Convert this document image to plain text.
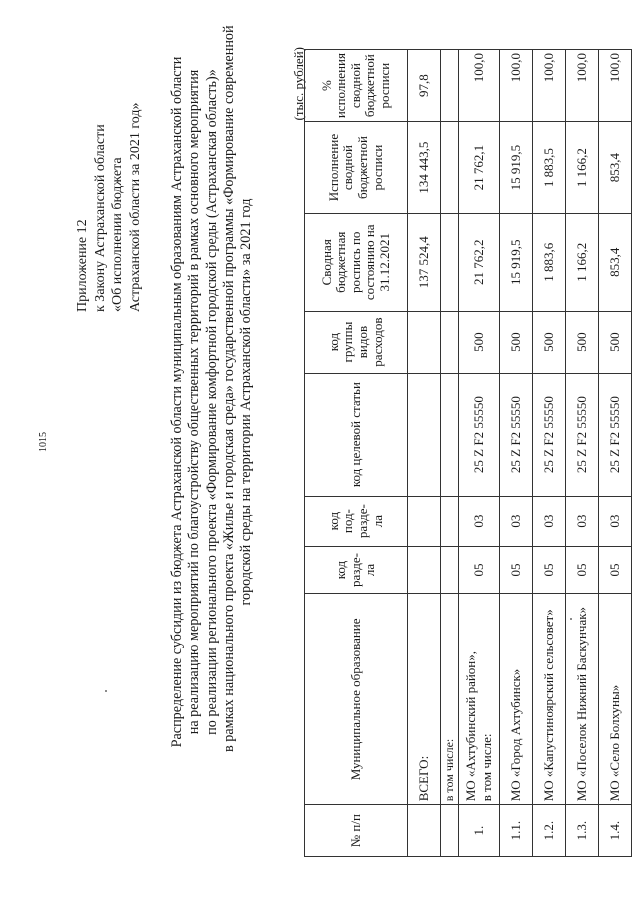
1015
Приложение 12 к Закону Астраханской области «Об исполнении бюджета Астраханской области за 2021 год» Распределение субсидии из бюджета Астраханской области муниципальным образованиям Астраханской области на реализацию мероприятий по благоустройству общественных территорий в рамках основного мероприятия по реализации регионального проекта «Формирование комфортной городской среды (Астраханская область)» в рамках национального проекта «Жилье и городская среда» государственной программы «Формирование современной городской среды на территории Астраханской области» за 2021 год
(тыс. рублей)
№ п/п	Муниципальное образование	код разде-ла	код под-разде-ла	код целевой статьи	код группы видов расходов	Сводная бюджетная роспись по состоянию на 31.12.2021	Исполнение сводной бюджетной росписи	% исполнения сводной бюджетной росписи
	ВСЕГО:					137 524,4	134 443,5	97,8
	в том числе:							
1.	МО «Ахтубинский район», в том числе:	05	03	25 Z F2 55550	500	21 762,2	21 762,1	100,0
1.1.	МО «Город Ахтубинск»	05	03	25 Z F2 55550	500	15 919,5	15 919,5	100,0
1.2.	МО «Капустиноярский сельсовет»	05	03	25 Z F2 55550	500	1 883,6	1 883,5	100,0
1.3.	МО «Поселок Нижний Баскунчак»	05	03	25 Z F2 55550	500	1 166,2	1 166,2	100,0
1.4.	МО «Село Болхуны»	05	03	25 Z F2 55550	500	853,4	853,4	100,0
